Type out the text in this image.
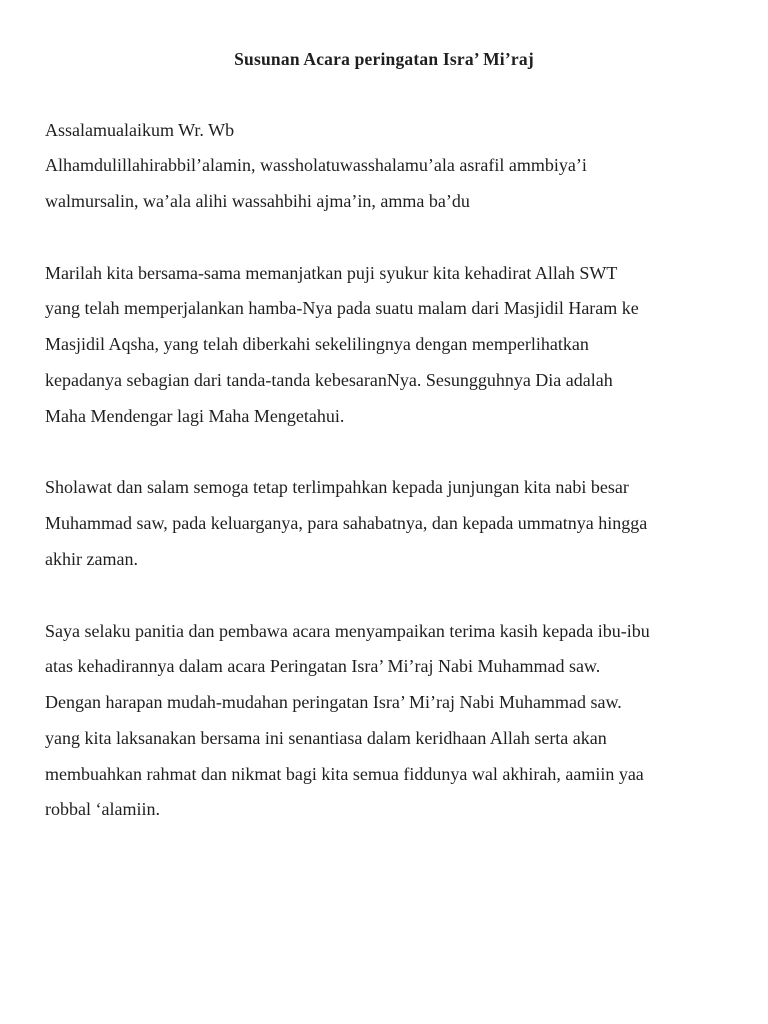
Susunan Acara peringatan Isra’ Mi’raj
Assalamualaikum Wr. Wb
Alhamdulillahirabbil’alamin, wassholatuwasshalamu’ala asrafil ammbiya’i
walmursalin, wa’ala alihi wassahbihi ajma’in, amma ba’du
Marilah kita bersama-sama memanjatkan puji syukur kita kehadirat Allah SWT
yang telah memperjalankan hamba-Nya pada suatu malam dari Masjidil Haram ke
Masjidil Aqsha, yang telah diberkahi sekelilingnya dengan memperlihatkan
kepadanya sebagian dari tanda-tanda kebesaranNya. Sesungguhnya Dia adalah
Maha Mendengar lagi Maha Mengetahui.
Sholawat dan salam semoga tetap terlimpahkan kepada junjungan kita nabi besar
Muhammad saw, pada keluarganya, para sahabatnya, dan kepada ummatnya hingga
akhir zaman.
Saya selaku panitia dan pembawa acara menyampaikan terima kasih kepada ibu-ibu
atas kehadirannya dalam acara Peringatan Isra’ Mi’raj Nabi Muhammad saw.
Dengan harapan mudah-mudahan peringatan Isra’ Mi’raj Nabi Muhammad saw.
yang kita laksanakan bersama ini senantiasa dalam keridhaan Allah serta akan
membuahkan rahmat dan nikmat bagi kita semua fiddunya wal akhirah, aamiin yaa
robbal ‘alamiin.
